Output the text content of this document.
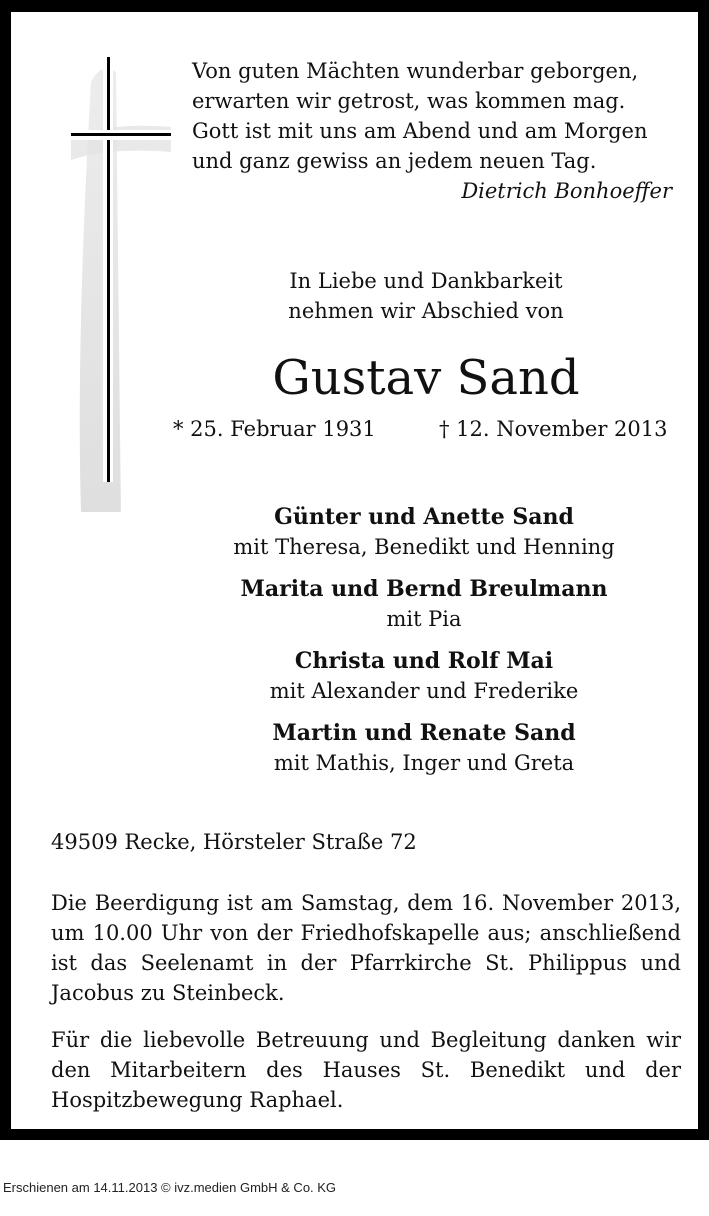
Von guten Mächten wunderbar geborgen,
erwarten wir getrost, was kommen mag.
Gott ist mit uns am Abend und am Morgen
und ganz gewiss an jedem neuen Tag.
Dietrich Bonhoeffer
In Liebe und Dankbarkeit
nehmen wir Abschied von
Gustav Sand
* 25. Februar 1931	† 12. November 2013
Günter und Anette Sand
mit Theresa, Benedikt und Henning
Marita und Bernd Breulmann
mit Pia
Christa und Rolf Mai
mit Alexander und Frederike
Martin und Renate Sand
mit Mathis, Inger und Greta
49509 Recke, Hörsteler Straße 72
Die Beerdigung ist am Samstag, dem 16. November 2013, um 10.00 Uhr von der Friedhofskapelle aus; anschließend ist das Seelenamt in der Pfarrkirche St. Philippus und Jacobus zu Steinbeck.
Für die liebevolle Betreuung und Begleitung danken wir den Mitarbeitern des Hauses St. Benedikt und der Hospitzbewegung Raphael.
Erschienen am 14.11.2013 © ivz.medien GmbH & Co. KG
